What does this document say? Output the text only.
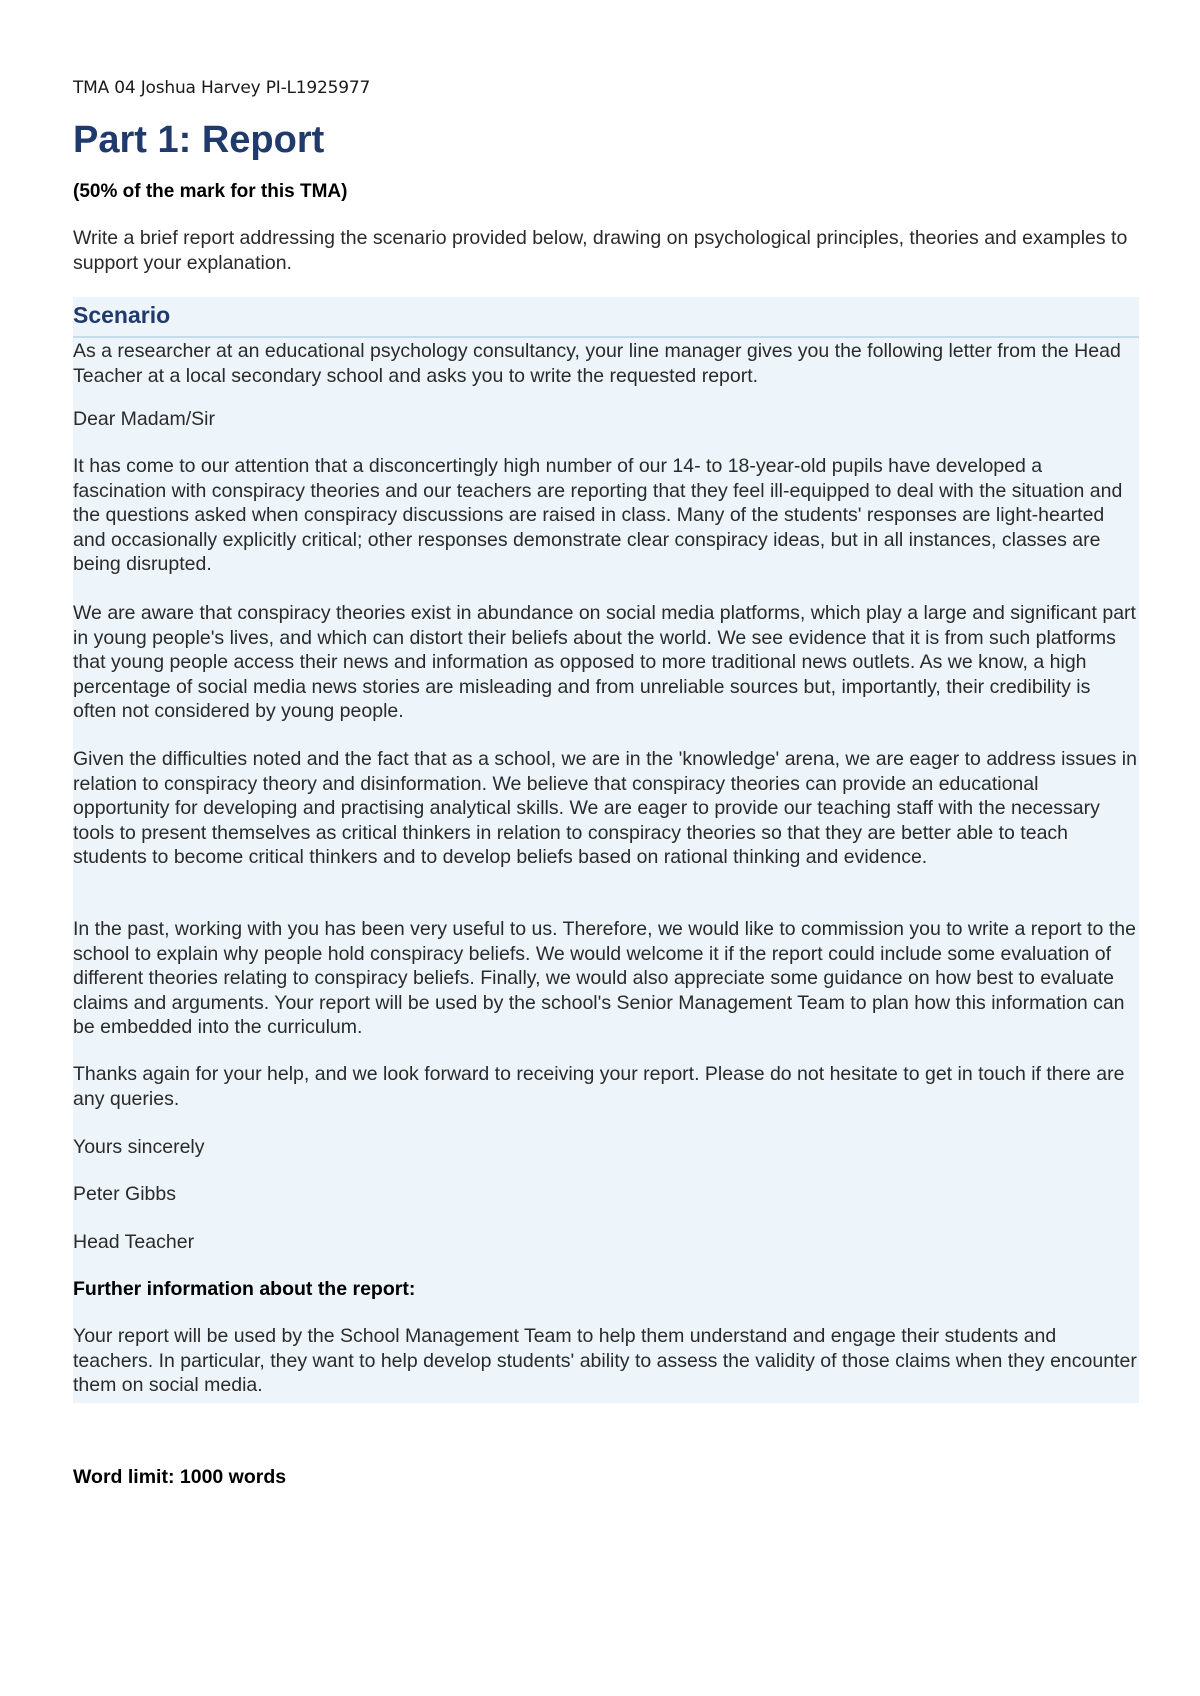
TMA 04 Joshua Harvey PI-L1925977
Part 1: Report
(50% of the mark for this TMA)
Write a brief report addressing the scenario provided below, drawing on psychological principles, theories and examples to support your explanation.
Scenario

As a researcher at an educational psychology consultancy, your line manager gives you the following letter from the Head Teacher at a local secondary school and asks you to write the requested report.

Dear Madam/Sir

It has come to our attention that a disconcertingly high number of our 14- to 18-year-old pupils have developed a fascination with conspiracy theories and our teachers are reporting that they feel ill-equipped to deal with the situation and the questions asked when conspiracy discussions are raised in class. Many of the students' responses are light-hearted and occasionally explicitly critical; other responses demonstrate clear conspiracy ideas, but in all instances, classes are being disrupted.

We are aware that conspiracy theories exist in abundance on social media platforms, which play a large and significant part in young people's lives, and which can distort their beliefs about the world. We see evidence that it is from such platforms that young people access their news and information as opposed to more traditional news outlets. As we know, a high percentage of social media news stories are misleading and from unreliable sources but, importantly, their credibility is often not considered by young people.

Given the difficulties noted and the fact that as a school, we are in the 'knowledge' arena, we are eager to address issues in relation to conspiracy theory and disinformation. We believe that conspiracy theories can provide an educational opportunity for developing and practising analytical skills. We are eager to provide our teaching staff with the necessary tools to present themselves as critical thinkers in relation to conspiracy theories so that they are better able to teach students to become critical thinkers and to develop beliefs based on rational thinking and evidence.

In the past, working with you has been very useful to us. Therefore, we would like to commission you to write a report to the school to explain why people hold conspiracy beliefs. We would welcome it if the report could include some evaluation of different theories relating to conspiracy beliefs. Finally, we would also appreciate some guidance on how best to evaluate claims and arguments. Your report will be used by the school's Senior Management Team to plan how this information can be embedded into the curriculum.

Thanks again for your help, and we look forward to receiving your report. Please do not hesitate to get in touch if there are any queries.

Yours sincerely

Peter Gibbs

Head Teacher

Further information about the report:

Your report will be used by the School Management Team to help them understand and engage their students and teachers. In particular, they want to help develop students' ability to assess the validity of those claims when they encounter them on social media.

Word limit: 1000 words
